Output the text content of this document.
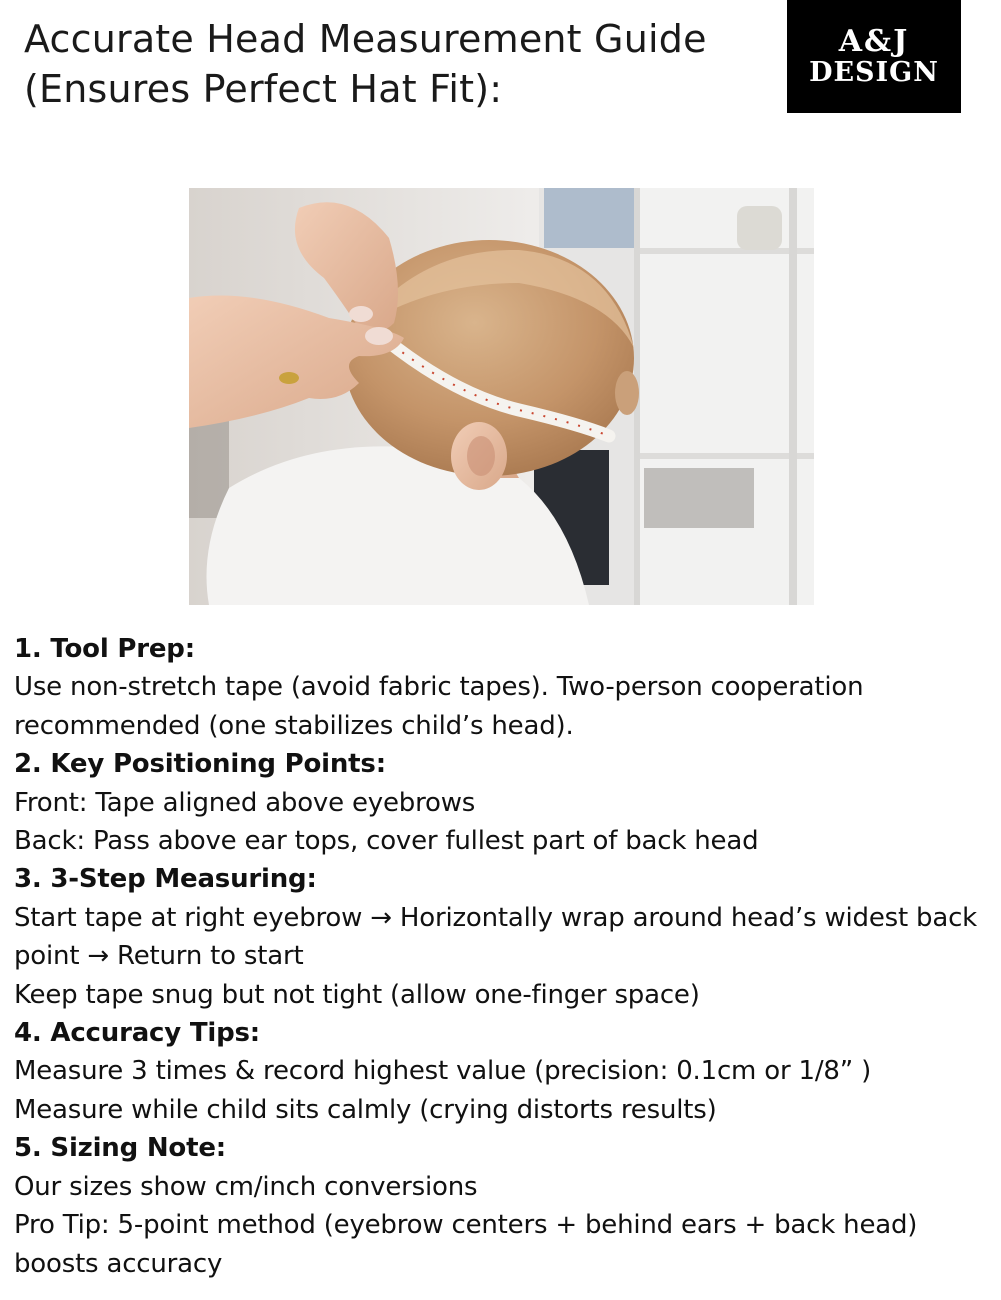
Accurate Head Measurement Guide
(Ensures Perfect Hat Fit):
A&J
DESIGN
1. Tool Prep:
Use non-stretch tape (avoid fabric tapes). Two-person cooperation recommended (one stabilizes child’s head).
2. Key Positioning Points:
Front: Tape aligned above eyebrows
Back: Pass above ear tops, cover fullest part of back head
3. 3-Step Measuring:
Start tape at right eyebrow → Horizontally wrap around head’s widest back point → Return to start
Keep tape snug but not tight (allow one-finger space)
4. Accuracy Tips:
Measure 3 times & record highest value (precision: 0.1cm or 1/8” )
Measure while child sits calmly (crying distorts results)
5. Sizing Note:
Our sizes show cm/inch conversions
Pro Tip: 5-point method (eyebrow centers + behind ears + back head) boosts accuracy
